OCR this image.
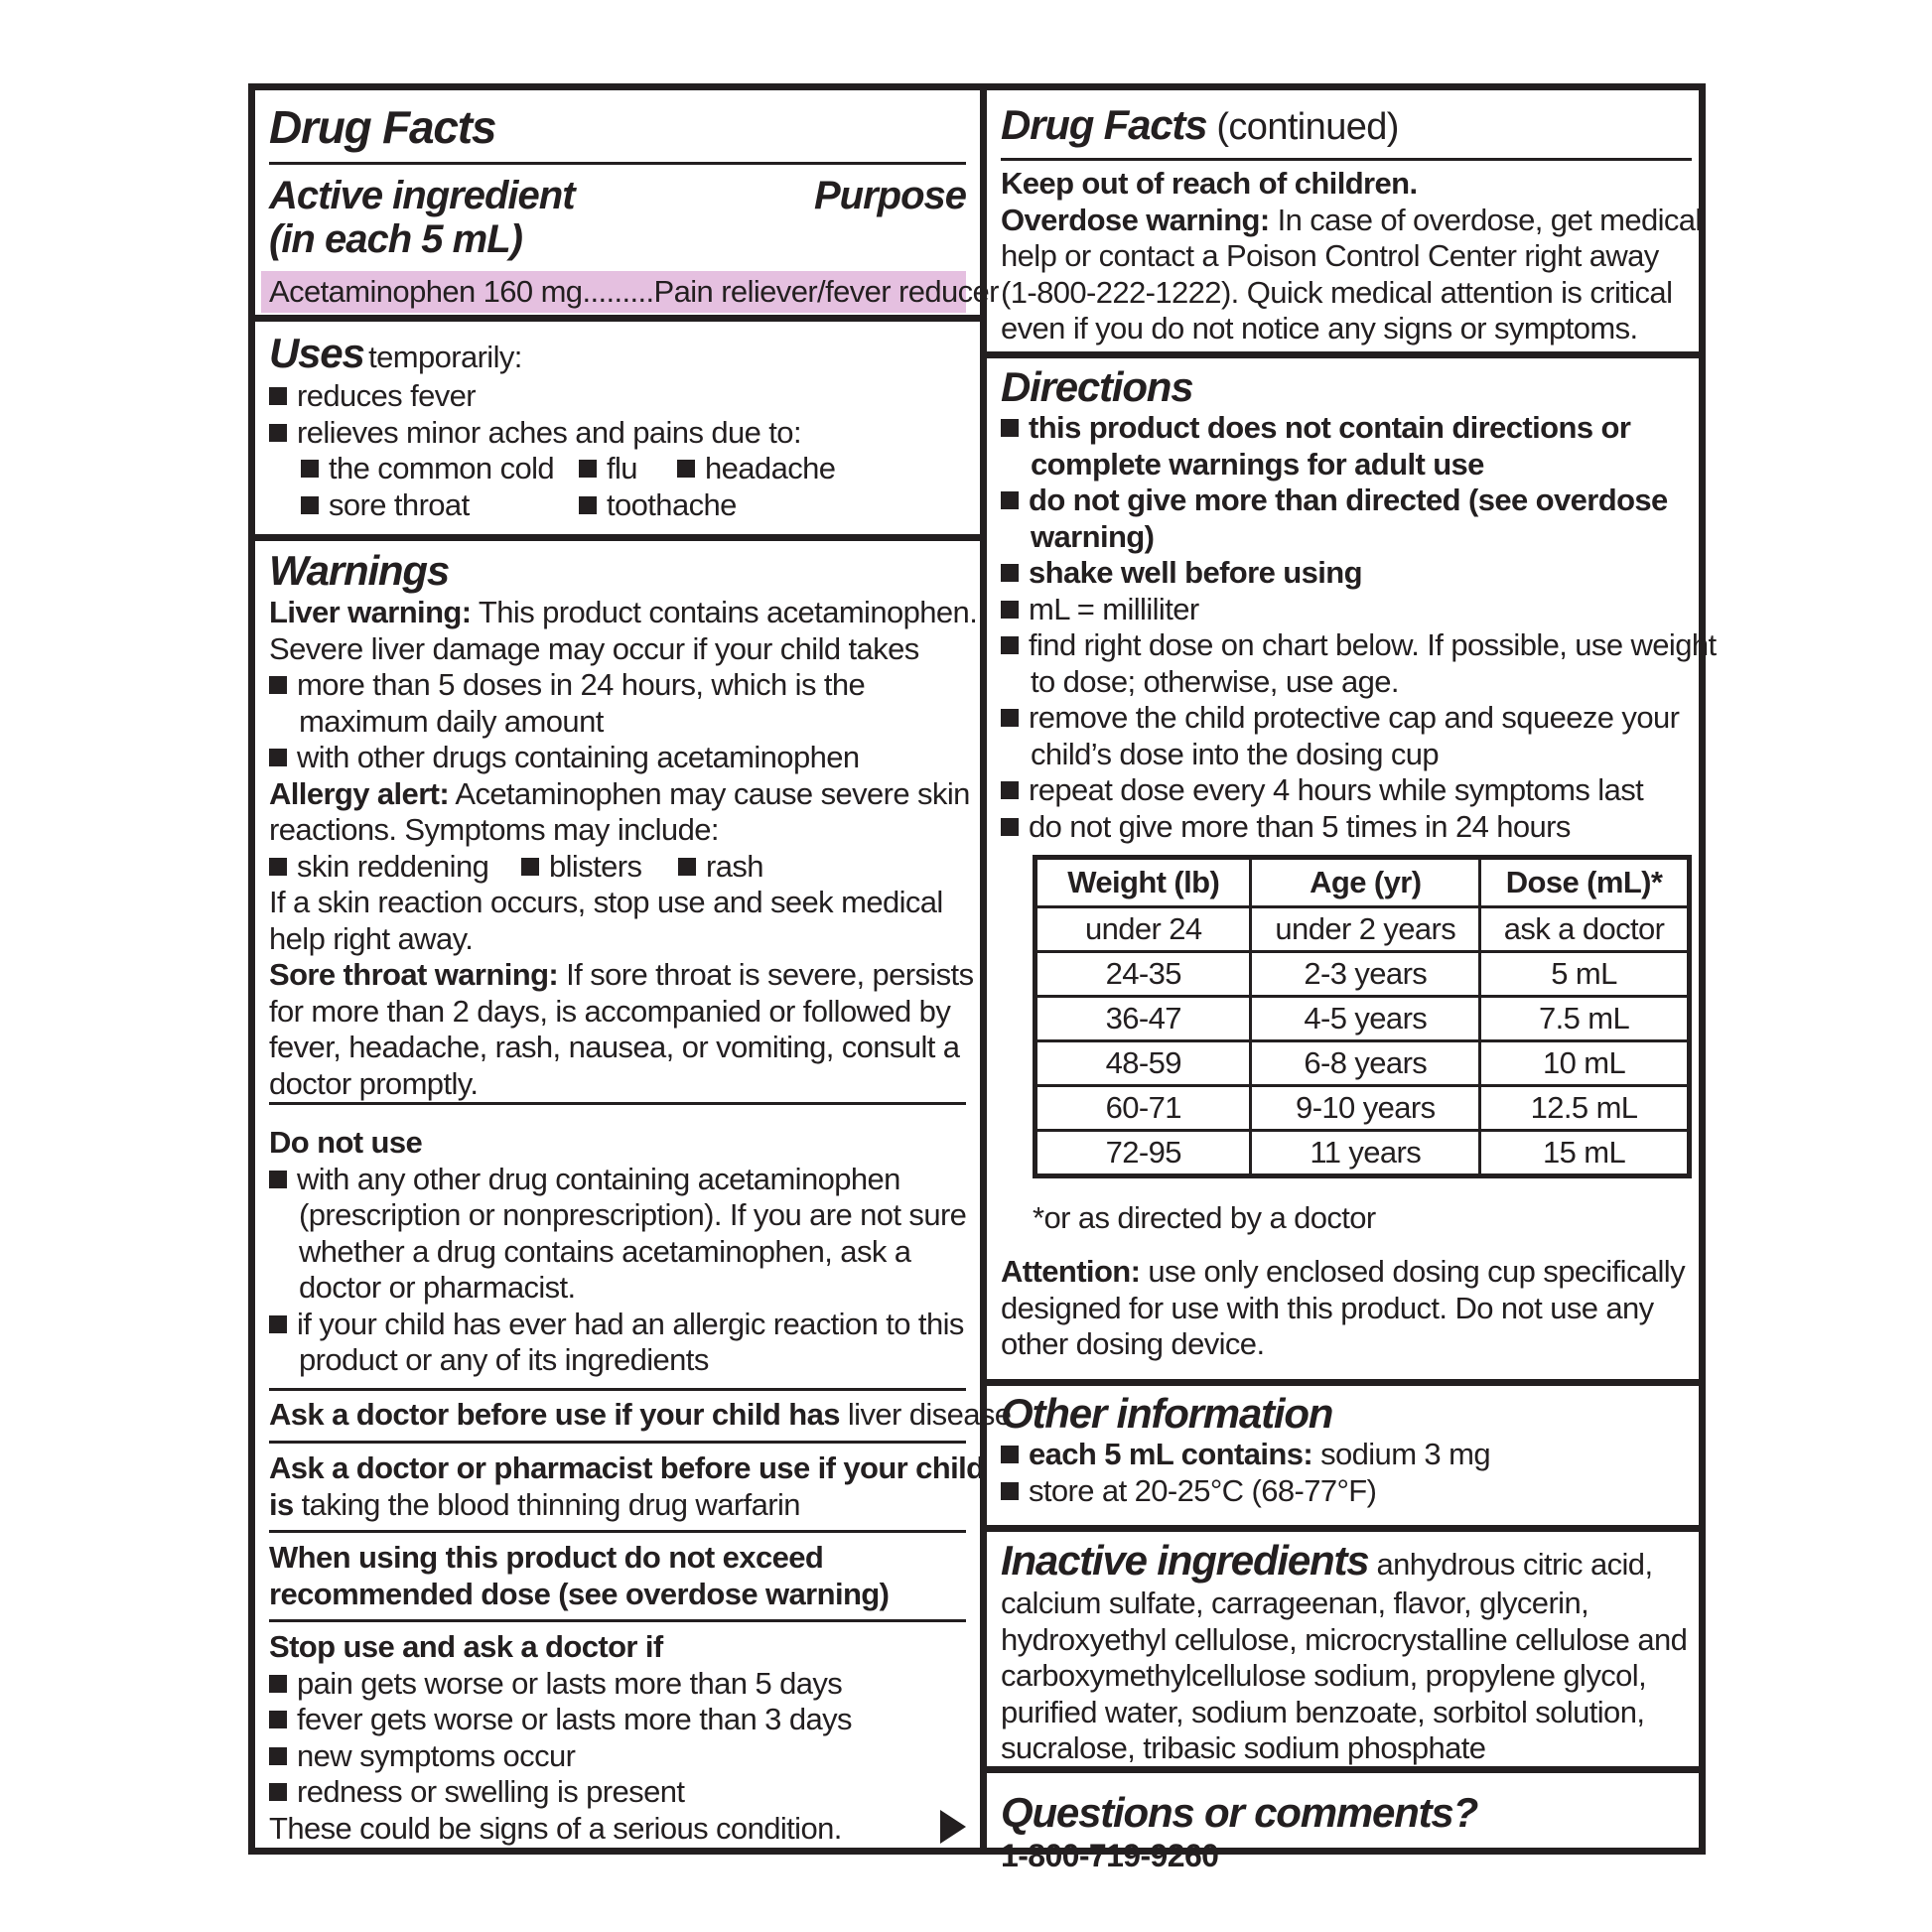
Drug Facts
Active ingredient
(in each 5 mL)
Purpose
Acetaminophen 160 mg.........Pain reliever/fever reducer
Uses temporarily:
reduces fever
relieves minor aches and pains due to:
the common cold flu headache
sore throat	toothache
Warnings
Liver warning: This product contains acetaminophen.
Severe liver damage may occur if your child takes
more than 5 doses in 24 hours, which is the
maximum daily amount
with other drugs containing acetaminophen
Allergy alert: Acetaminophen may cause severe skin
reactions. Symptoms may include:
skin reddening blisters rash
If a skin reaction occurs, stop use and seek medical
help right away.
Sore throat warning: If sore throat is severe, persists
for more than 2 days, is accompanied or followed by
fever, headache, rash, nausea, or vomiting, consult a
doctor promptly.
Do not use
with any other drug containing acetaminophen
(prescription or nonprescription). If you are not sure
whether a drug contains acetaminophen, ask a
doctor or pharmacist.
if your child has ever had an allergic reaction to this
product or any of its ingredients
Ask a doctor before use if your child has liver disease
Ask a doctor or pharmacist before use if your child
is taking the blood thinning drug warfarin
When using this product do not exceed
recommended dose (see overdose warning)
Stop use and ask a doctor if
pain gets worse or lasts more than 5 days
fever gets worse or lasts more than 3 days
new symptoms occur
redness or swelling is present
These could be signs of a serious condition.
Drug Facts (continued)
Keep out of reach of children.
Overdose warning: In case of overdose, get medical
help or contact a Poison Control Center right away
(1-800-222-1222). Quick medical attention is critical
even if you do not notice any signs or symptoms.
Directions
this product does not contain directions or
complete warnings for adult use
do not give more than directed (see overdose
warning)
shake well before using
mL = milliliter
find right dose on chart below. If possible, use weight
to dose; otherwise, use age.
remove the child protective cap and squeeze your
child’s dose into the dosing cup
repeat dose every 4 hours while symptoms last
do not give more than 5 times in 24 hours
Weight (lb)	Age (yr)	Dose (mL)*
under 24	under 2 years	ask a doctor
24-35	2-3 years	5 mL
36-47	4-5 years	7.5 mL
48-59	6-8 years	10 mL
60-71	9-10 years	12.5 mL
72-95	11 years	15 mL
*or as directed by a doctor
Attention: use only enclosed dosing cup specifically
designed for use with this product. Do not use any
other dosing device.
Other information
each 5 mL contains: sodium 3 mg
store at 20-25°C (68-77°F)
Inactive ingredients anhydrous citric acid,
calcium sulfate, carrageenan, flavor, glycerin,
hydroxyethyl cellulose, microcrystalline cellulose and
carboxymethylcellulose sodium, propylene glycol,
purified water, sodium benzoate, sorbitol solution,
sucralose, tribasic sodium phosphate
Questions or comments?1-800-719-9260
